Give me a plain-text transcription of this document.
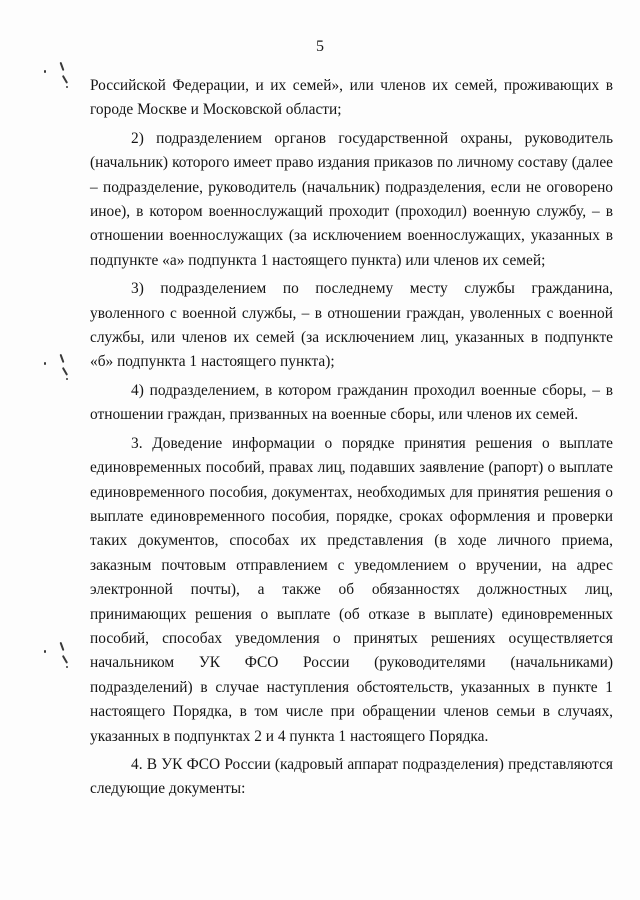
5

Российской Федерации, и их семей», или членов их семей, проживающих в городе Москве и Московской области;

2) подразделением органов государственной охраны, руководитель (начальник) которого имеет право издания приказов по личному составу (далее – подразделение, руководитель (начальник) подразделения, если не оговорено иное), в котором военнослужащий проходит (проходил) военную службу, – в отношении военнослужащих (за исключением военнослужащих, указанных в подпункте «а» подпункта 1 настоящего пункта) или членов их семей;

3) подразделением по последнему месту службы гражданина, уволенного с военной службы, – в отношении граждан, уволенных с военной службы, или членов их семей (за исключением лиц, указанных в подпункте «б» подпункта 1 настоящего пункта);

4) подразделением, в котором гражданин проходил военные сборы, – в отношении граждан, призванных на военные сборы, или членов их семей.

3. Доведение информации о порядке принятия решения о выплате единовременных пособий, правах лиц, подавших заявление (рапорт) о выплате единовременного пособия, документах, необходимых для принятия решения о выплате единовременного пособия, порядке, сроках оформления и проверки таких документов, способах их представления (в ходе личного приема, заказным почтовым отправлением с уведомлением о вручении, на адрес электронной почты), а также об обязанностях должностных лиц, принимающих решения о выплате (об отказе в выплате) единовременных пособий, способах уведомления о принятых решениях осуществляется начальником УК ФСО России (руководителями (начальниками) подразделений) в случае наступления обстоятельств, указанных в пункте 1 настоящего Порядка, в том числе при обращении членов семьи в случаях, указанных в подпунктах 2 и 4 пункта 1 настоящего Порядка.

4. В УК ФСО России (кадровый аппарат подразделения) представляются следующие документы:
